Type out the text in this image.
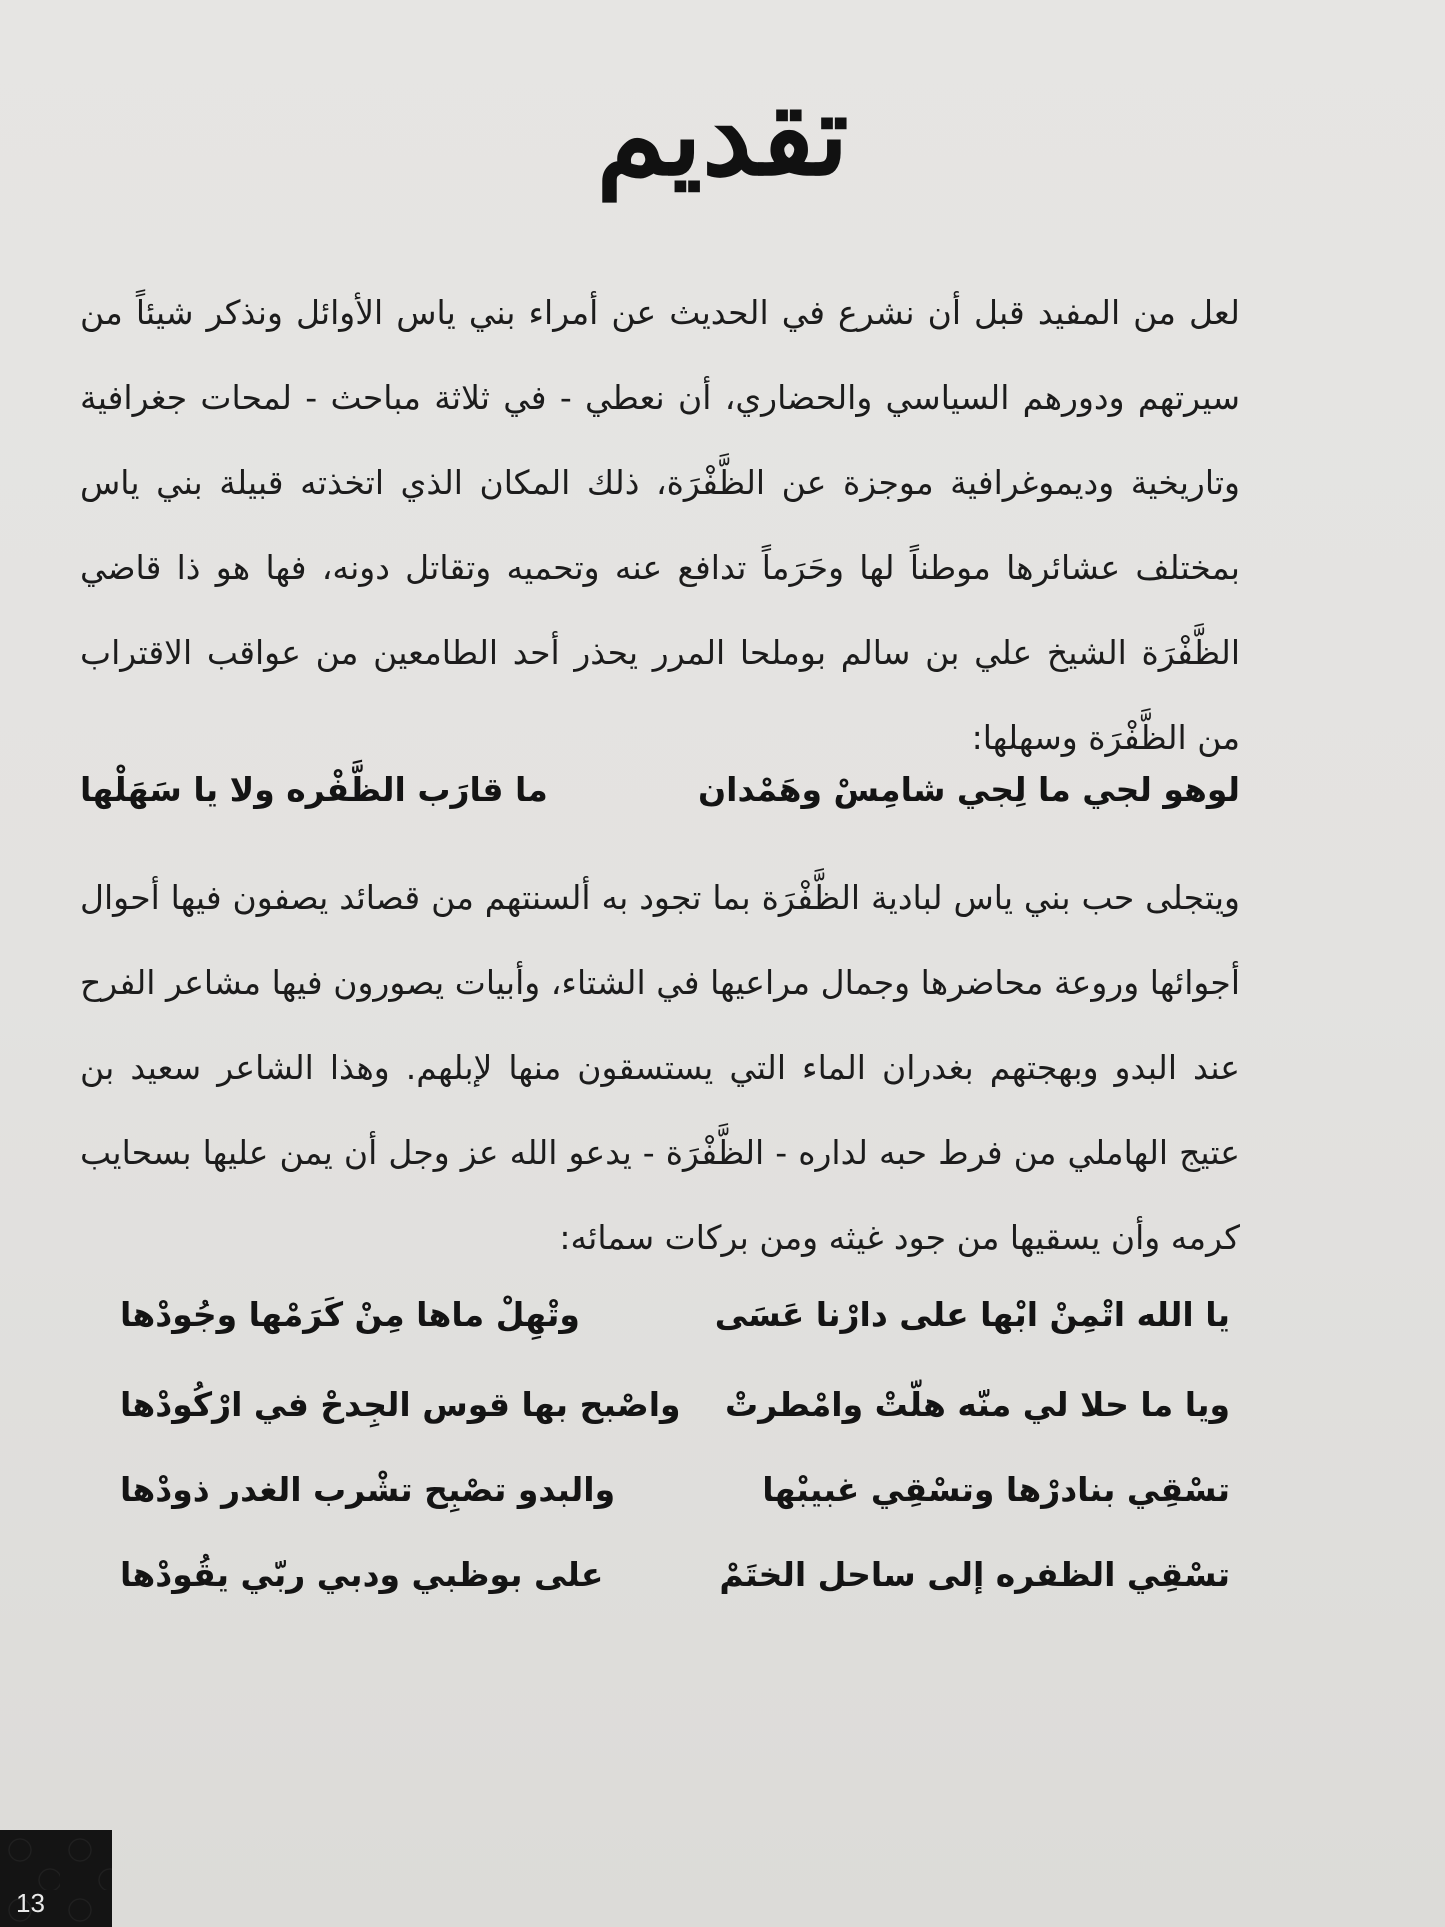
تقديم
لعل من المفيد قبل أن نشرع في الحديث عن أمراء بني ياس الأوائل ونذكر شيئاً من سيرتهم ودورهم السياسي والحضاري، أن نعطي - في ثلاثة مباحث - لمحات جغرافية وتاريخية وديموغرافية موجزة عن الظَّفْرَة، ذلك المكان الذي اتخذته قبيلة بني ياس بمختلف عشائرها موطناً لها وحَرَماً تدافع عنه وتحميه وتقاتل دونه، فها هو ذا قاضي الظَّفْرَة الشيخ علي بن سالم بوملحا المرر يحذر أحد الطامعين من عواقب الاقتراب من الظَّفْرَة وسهلها:
لوهو لجي ما لِجي شامِسْ وهَمْدان
ما قارَب الظَّفْره ولا يا سَهَلْها
ويتجلى حب بني ياس لبادية الظَّفْرَة بما تجود به ألسنتهم من قصائد يصفون فيها أحوال أجوائها وروعة محاضرها وجمال مراعيها في الشتاء، وأبيات يصورون فيها مشاعر الفرح عند البدو وبهجتهم بغدران الماء التي يستسقون منها لإبلهم. وهذا الشاعر سعيد بن عتيج الهاملي من فرط حبه لداره - الظَّفْرَة - يدعو الله عز وجل أن يمن عليها بسحايب كرمه وأن يسقيها من جود غيثه ومن بركات سمائه:
يا الله اتْمِنْ ابْها على دارْنا عَسَى
وتْهِلْ ماها مِنْ كَرَمْها وجُودْها
ويا ما حلا لي منّه هلّتْ وامْطرتْ
واصْبح بها قوس الجِدحْ في ارْكُودْها
تسْقِي بنادرْها وتسْقِي غبيبْها
والبدو تصْبِح تشْرب الغدر ذودْها
تسْقِي الظفره إلى ساحل الختَمْ
على بوظبي ودبي ربّي يقُودْها
13
